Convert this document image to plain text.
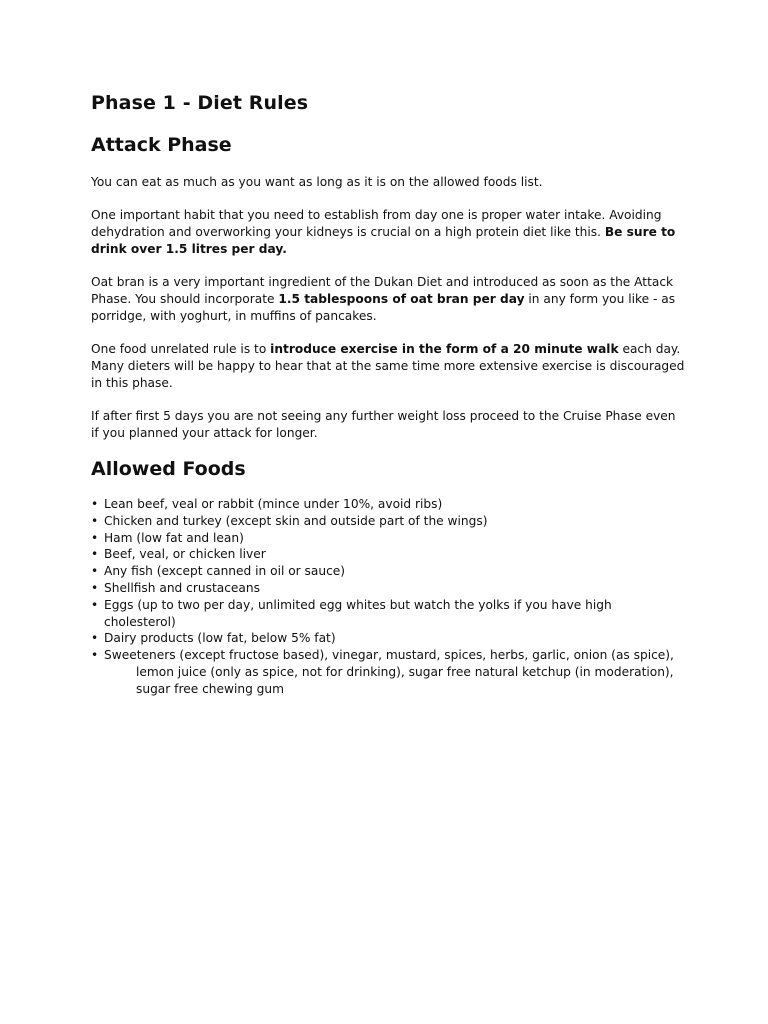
Phase 1 - Diet Rules
Attack Phase

You can eat as much as you want as long as it is on the allowed foods list.

One important habit that you need to establish from day one is proper water intake. Avoiding dehydration and overworking your kidneys is crucial on a high protein diet like this. Be sure to drink over 1.5 litres per day.

Oat bran is a very important ingredient of the Dukan Diet and introduced as soon as the Attack Phase. You should incorporate 1.5 tablespoons of oat bran per day in any form you like - as porridge, with yoghurt, in muffins of pancakes.

One food unrelated rule is to introduce exercise in the form of a 20 minute walk each day. Many dieters will be happy to hear that at the same time more extensive exercise is discouraged in this phase.

If after first 5 days you are not seeing any further weight loss proceed to the Cruise Phase even if you planned your attack for longer.

Allowed Foods
• Lean beef, veal or rabbit (mince under 10%, avoid ribs)
• Chicken and turkey (except skin and outside part of the wings)
• Ham (low fat and lean)
• Beef, veal, or chicken liver
• Any fish (except canned in oil or sauce)
• Shellfish and crustaceans
• Eggs (up to two per day, unlimited egg whites but watch the yolks if you have high cholesterol)
• Dairy products (low fat, below 5% fat)
• Sweeteners (except fructose based), vinegar, mustard, spices, herbs, garlic, onion (as spice),
lemon juice (only as spice, not for drinking), sugar free natural ketchup (in moderation),
sugar free chewing gum
